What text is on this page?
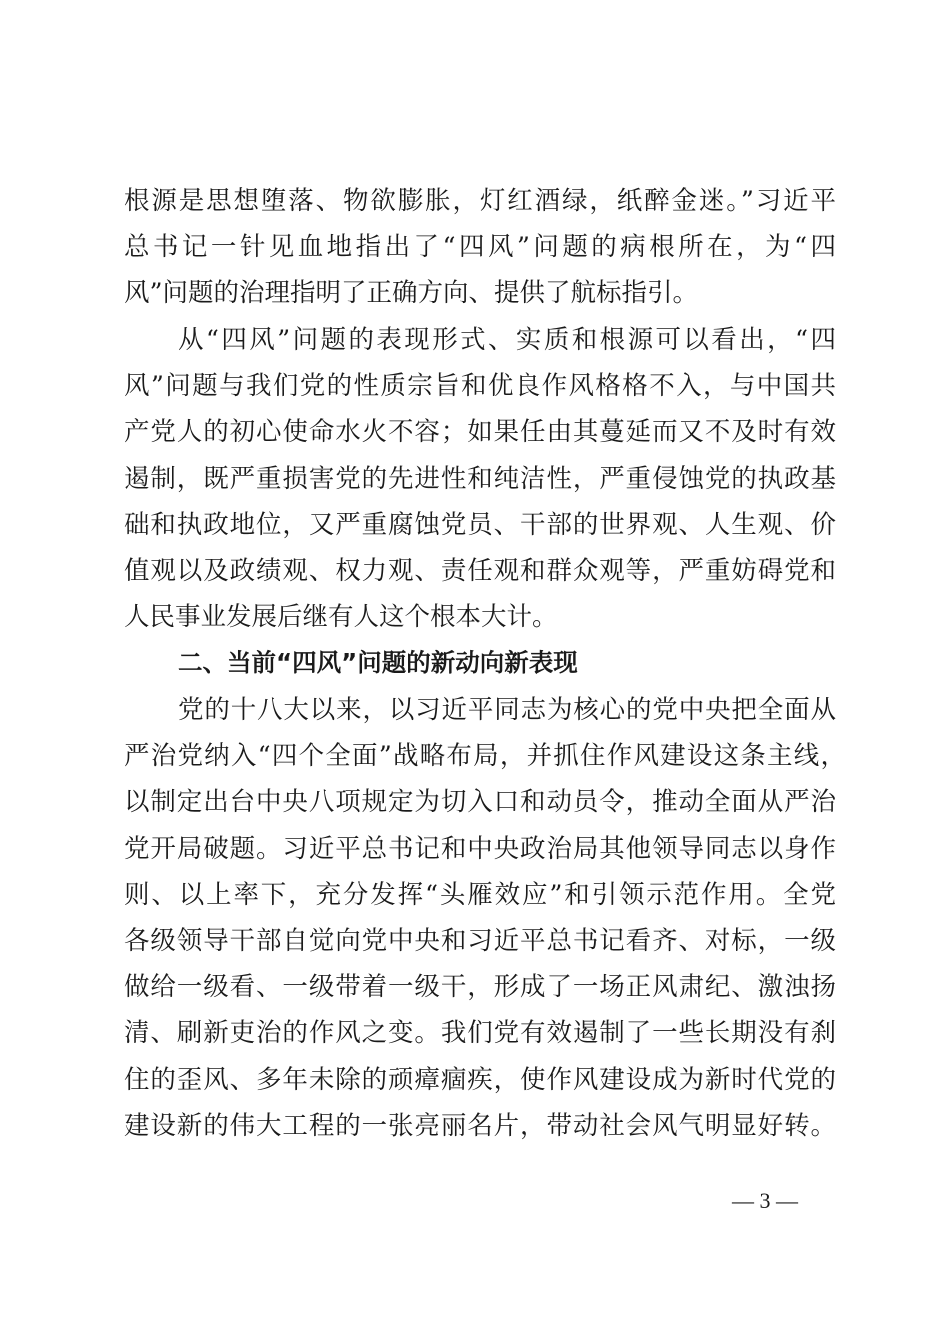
根源是思想堕落、物欲膨胀，灯红酒绿，纸醉金迷。”习近平
总书记一针见血地指出了“四风”问题的病根所在，为“四
风”问题的治理指明了正确方向、提供了航标指引。
从“四风”问题的表现形式、实质和根源可以看出，“四
风”问题与我们党的性质宗旨和优良作风格格不入，与中国共
产党人的初心使命水火不容；如果任由其蔓延而又不及时有效
遏制，既严重损害党的先进性和纯洁性，严重侵蚀党的执政基
础和执政地位，又严重腐蚀党员、干部的世界观、人生观、价
值观以及政绩观、权力观、责任观和群众观等，严重妨碍党和
人民事业发展后继有人这个根本大计。
二、当前“四风”问题的新动向新表现
党的十八大以来，以习近平同志为核心的党中央把全面从
严治党纳入“四个全面”战略布局，并抓住作风建设这条主线，
以制定出台中央八项规定为切入口和动员令，推动全面从严治
党开局破题。习近平总书记和中央政治局其他领导同志以身作
则、以上率下，充分发挥“头雁效应”和引领示范作用。全党
各级领导干部自觉向党中央和习近平总书记看齐、对标，一级
做给一级看、一级带着一级干，形成了一场正风肃纪、激浊扬
清、刷新吏治的作风之变。我们党有效遏制了一些长期没有刹
住的歪风、多年未除的顽瘴痼疾，使作风建设成为新时代党的
建设新的伟大工程的一张亮丽名片，带动社会风气明显好转。
— 3 —
